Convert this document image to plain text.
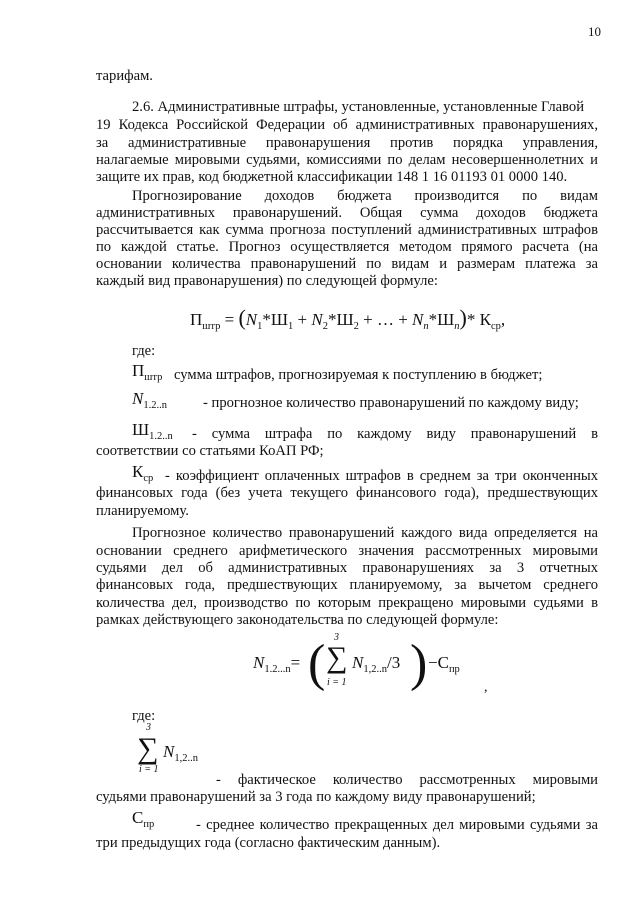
10
тарифам.
2.6. Административные штрафы, установленные, установленные Главой
19 Кодекса Российской Федерации об административных правонарушениях,
за административные правонарушения против порядка управления,
налагаемые мировыми судьями, комиссиями по делам несовершеннолетних и
защите их прав, код бюджетной классификации 148 1 16 01193 01 0000 140.
Прогнозирование доходов бюджета производится по видам
административных правонарушений. Общая сумма доходов бюджета
рассчитывается как сумма прогноза поступлений административных штрафов
по каждой статье. Прогноз осуществляется методом прямого расчета (на
основании количества правонарушений по видам и размерам платежа за
каждый вид правонарушения) по следующей формуле:
$П_{штр} = (N_1*Ш_1 + N_2*Ш_2$ + … + $N_n*Ш_n)*$ $К_{ср}$,
где:
$П_{штр}$ сумма штрафов, прогнозируемая к поступлению в бюджет;
$N_{1.2..n}$ - прогнозное количество правонарушений по каждому виду;
$Ш_{1.2..n}$ - сумма штрафа по каждому виду правонарушений в
соответствии со статьями КоАП РФ;
$К_{ср}$ - коэффициент оплаченных штрафов в среднем за три оконченных
финансовых года (без учета текущего финансового года), предшествующих
планируемому.
Прогнозное количество правонарушений каждого вида определяется на
основании среднего арифметического значения рассмотренных мировыми
судьями дел об административных правонарушениях за 3 отчетных
финансовых года, предшествующих планируемому, за вычетом среднего
количества дел, производство по которым прекращено мировыми судьями в
рамках действующего законодательства по следующей формуле:
$N_{1.2...n}=$ ( 3
∑
i = 1
$N_{1,2..n}/3$ ) $-С_{пр}$
,
где:
3
∑
i = 1
$N_{1,2..n}$
- фактическое количество рассмотренных мировыми
судьями правонарушений за 3 года по каждому виду правонарушений;
$С_{пр}$	- среднее количество прекращенных дел мировыми судьями за
три предыдущих года (согласно фактическим данным).
